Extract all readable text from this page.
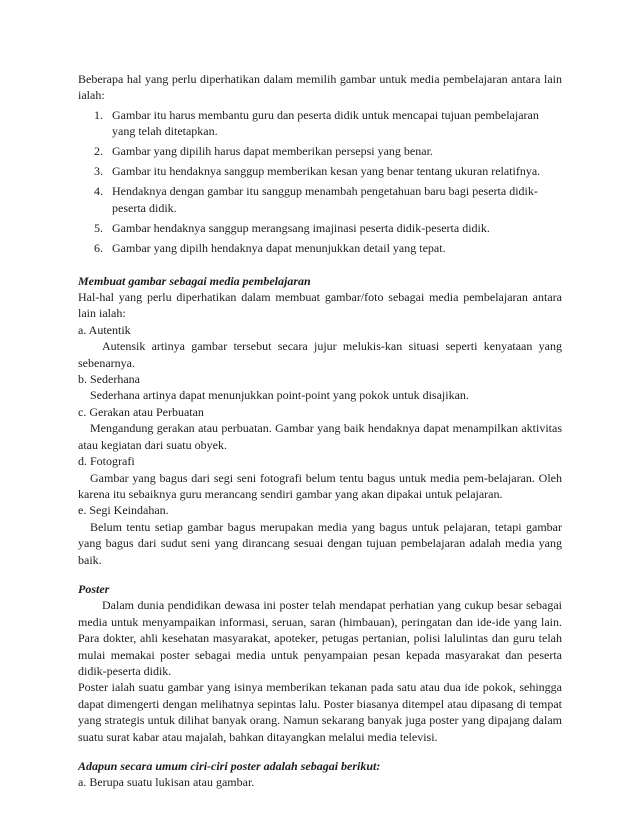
Beberapa hal yang perlu diperhatikan dalam memilih gambar untuk media pembelajaran antara lain ialah:

1. Gambar itu harus membantu guru dan peserta didik untuk mencapai tujuan pembelajaran yang telah ditetapkan.
2. Gambar yang dipilih harus dapat memberikan persepsi yang benar.
3. Gambar itu hendaknya sanggup memberikan kesan yang benar tentang ukuran relatifnya.
4. Hendaknya dengan gambar itu sanggup menambah pengetahuan baru bagi peserta didik-peserta didik.
5. Gambar hendaknya sanggup merangsang imajinasi peserta didik-peserta didik.
6. Gambar yang dipilh hendaknya dapat menunjukkan detail yang tepat.

Membuat gambar sebagai media pembelajaran

Hal-hal yang perlu diperhatikan dalam membuat gambar/foto sebagai media pembelajaran antara lain ialah:

a. Autentik

Autensik artinya gambar tersebut secara jujur melukis-kan situasi seperti kenyataan yang sebenarnya.

b. Sederhana

Sederhana artinya dapat menunjukkan point-point yang pokok untuk disajikan.

c. Gerakan atau Perbuatan

Mengandung gerakan atau perbuatan. Gambar yang baik hendaknya dapat menampilkan aktivitas atau kegiatan dari suatu obyek.

d. Fotografi

Gambar yang bagus dari segi seni fotografi belum tentu bagus untuk media pem-belajaran. Oleh karena itu sebaiknya guru merancang sendiri gambar yang akan dipakai untuk pelajaran.

e. Segi Keindahan.

Belum tentu setiap gambar bagus merupakan media yang bagus untuk pelajaran, tetapi gambar yang bagus dari sudut seni yang dirancang sesuai dengan tujuan pembelajaran adalah media yang baik.

Poster

Dalam dunia pendidikan dewasa ini poster telah mendapat perhatian yang cukup besar sebagai media untuk menyampaikan informasi, seruan, saran (himbauan), peringatan dan ide-ide yang lain. Para dokter, ahli kesehatan masyarakat, apoteker, petugas pertanian, polisi lalulintas dan guru telah mulai memakai poster sebagai media untuk penyampaian pesan kepada masyarakat dan peserta didik-peserta didik.

Poster ialah suatu gambar yang isinya memberikan tekanan pada satu atau dua ide pokok, sehingga dapat dimengerti dengan melihatnya sepintas lalu. Poster biasanya ditempel atau dipasang di tempat yang strategis untuk dilihat banyak orang. Namun sekarang banyak juga poster yang dipajang dalam suatu surat kabar atau majalah, bahkan ditayangkan melalui media televisi.

Adapun secara umum ciri-ciri poster adalah sebagai berikut:

a. Berupa suatu lukisan atau gambar.
